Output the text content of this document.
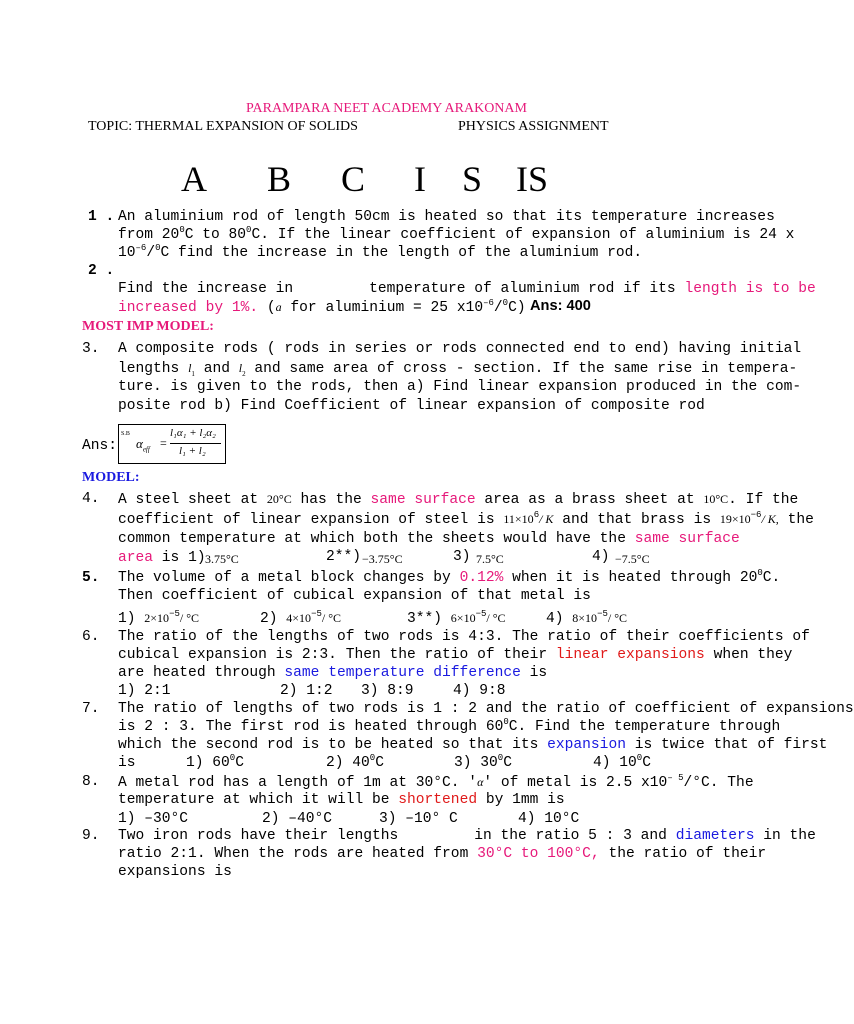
PARAMPARA NEET ACADEMY ARAKONAM
TOPIC: THERMAL EXPANSION OF SOLIDS	PHYSICS ASSIGNMENT
A B C I S IS
1 . An aluminium rod of length 50cm is heated so that its temperature increases
from $20^0C$ to $80^0C$. If the linear coefficient of expansion of aluminium is 24 x
$10^{-6}/^0C$ find the increase in the length of the aluminium rod.
2 .
Find the increase in	temperature of aluminium rod if its length is to be
increased by 1%. (a for aluminium = 25 $x10^{-6}/^0C$) Ans: 400
MOST IMP MODEL:
3. A composite rods ( rods in series or rods connected end to end) having initial
lengths $l_1$ and $l_2$ and same area of cross - section. If the same rise in tempera-
ture. is given to the rods, then a) Find linear expansion produced in the com-
posite rod b) Find Coefficient of linear expansion of composite rod
Ans:
S.B
$\alpha_{eff}$ =
l₁α₁ + l₂α₂
l₁ + l₂
MODEL:
4. A steel sheet at 20°C has the same surface area as a brass sheet at 10°C. If the
coefficient of linear expansion of steel is $11\times 10^6/$ K and that brass is $19\times 10^{-6}/$ K, the
common temperature at which both the sheets would have the same surface
area is 1) 3.75°C	2**) −3.75°C	3) 7.5°C	4) −7.5°C
5. The volume of a metal block changes by 0.12% when it is heated through $20^0C$.
Then coefficient of cubical expansion of that metal is
1) $2\times 10^{-5}/$ °C	2) $4\times 10^{-5}/$ °C	3**) $6\times 10^{-5}/$ °C	4) $8\times 10^{-5}/$ °C
6. The ratio of the lengths of two rods is 4:3. The ratio of their coefficients of
cubical expansion is 2:3. Then the ratio of their linear expansions when they
are heated through same temperature difference is
1) 2:1	2) 1:2 3) 8:9	4) 9:8
7. The ratio of lengths of two rods is 1 : 2 and the ratio of coefficient of expansions
is 2 : 3. The first rod is heated through $60^0C$. Find the temperature through
which the second rod is to be heated so that its expansion is twice that of first
is	1) $60^0C$	2) $40^0C$	3) $30^0C$	4) $10^0C$
8. A metal rod has a length of 1m at 30°C. 'α' of metal is 2.5 $x10^{- 5}/^\circ C$. The
temperature at which it will be shortened by 1mm is
1) –30°C	2) –40°C	3) –10° C	4) 10°C
9. Two iron rods have their lengths	in the ratio 5 : 3 and diameters in the
ratio 2:1. When the rods are heated from 30°C to 100°C, the ratio of their
expansions is
